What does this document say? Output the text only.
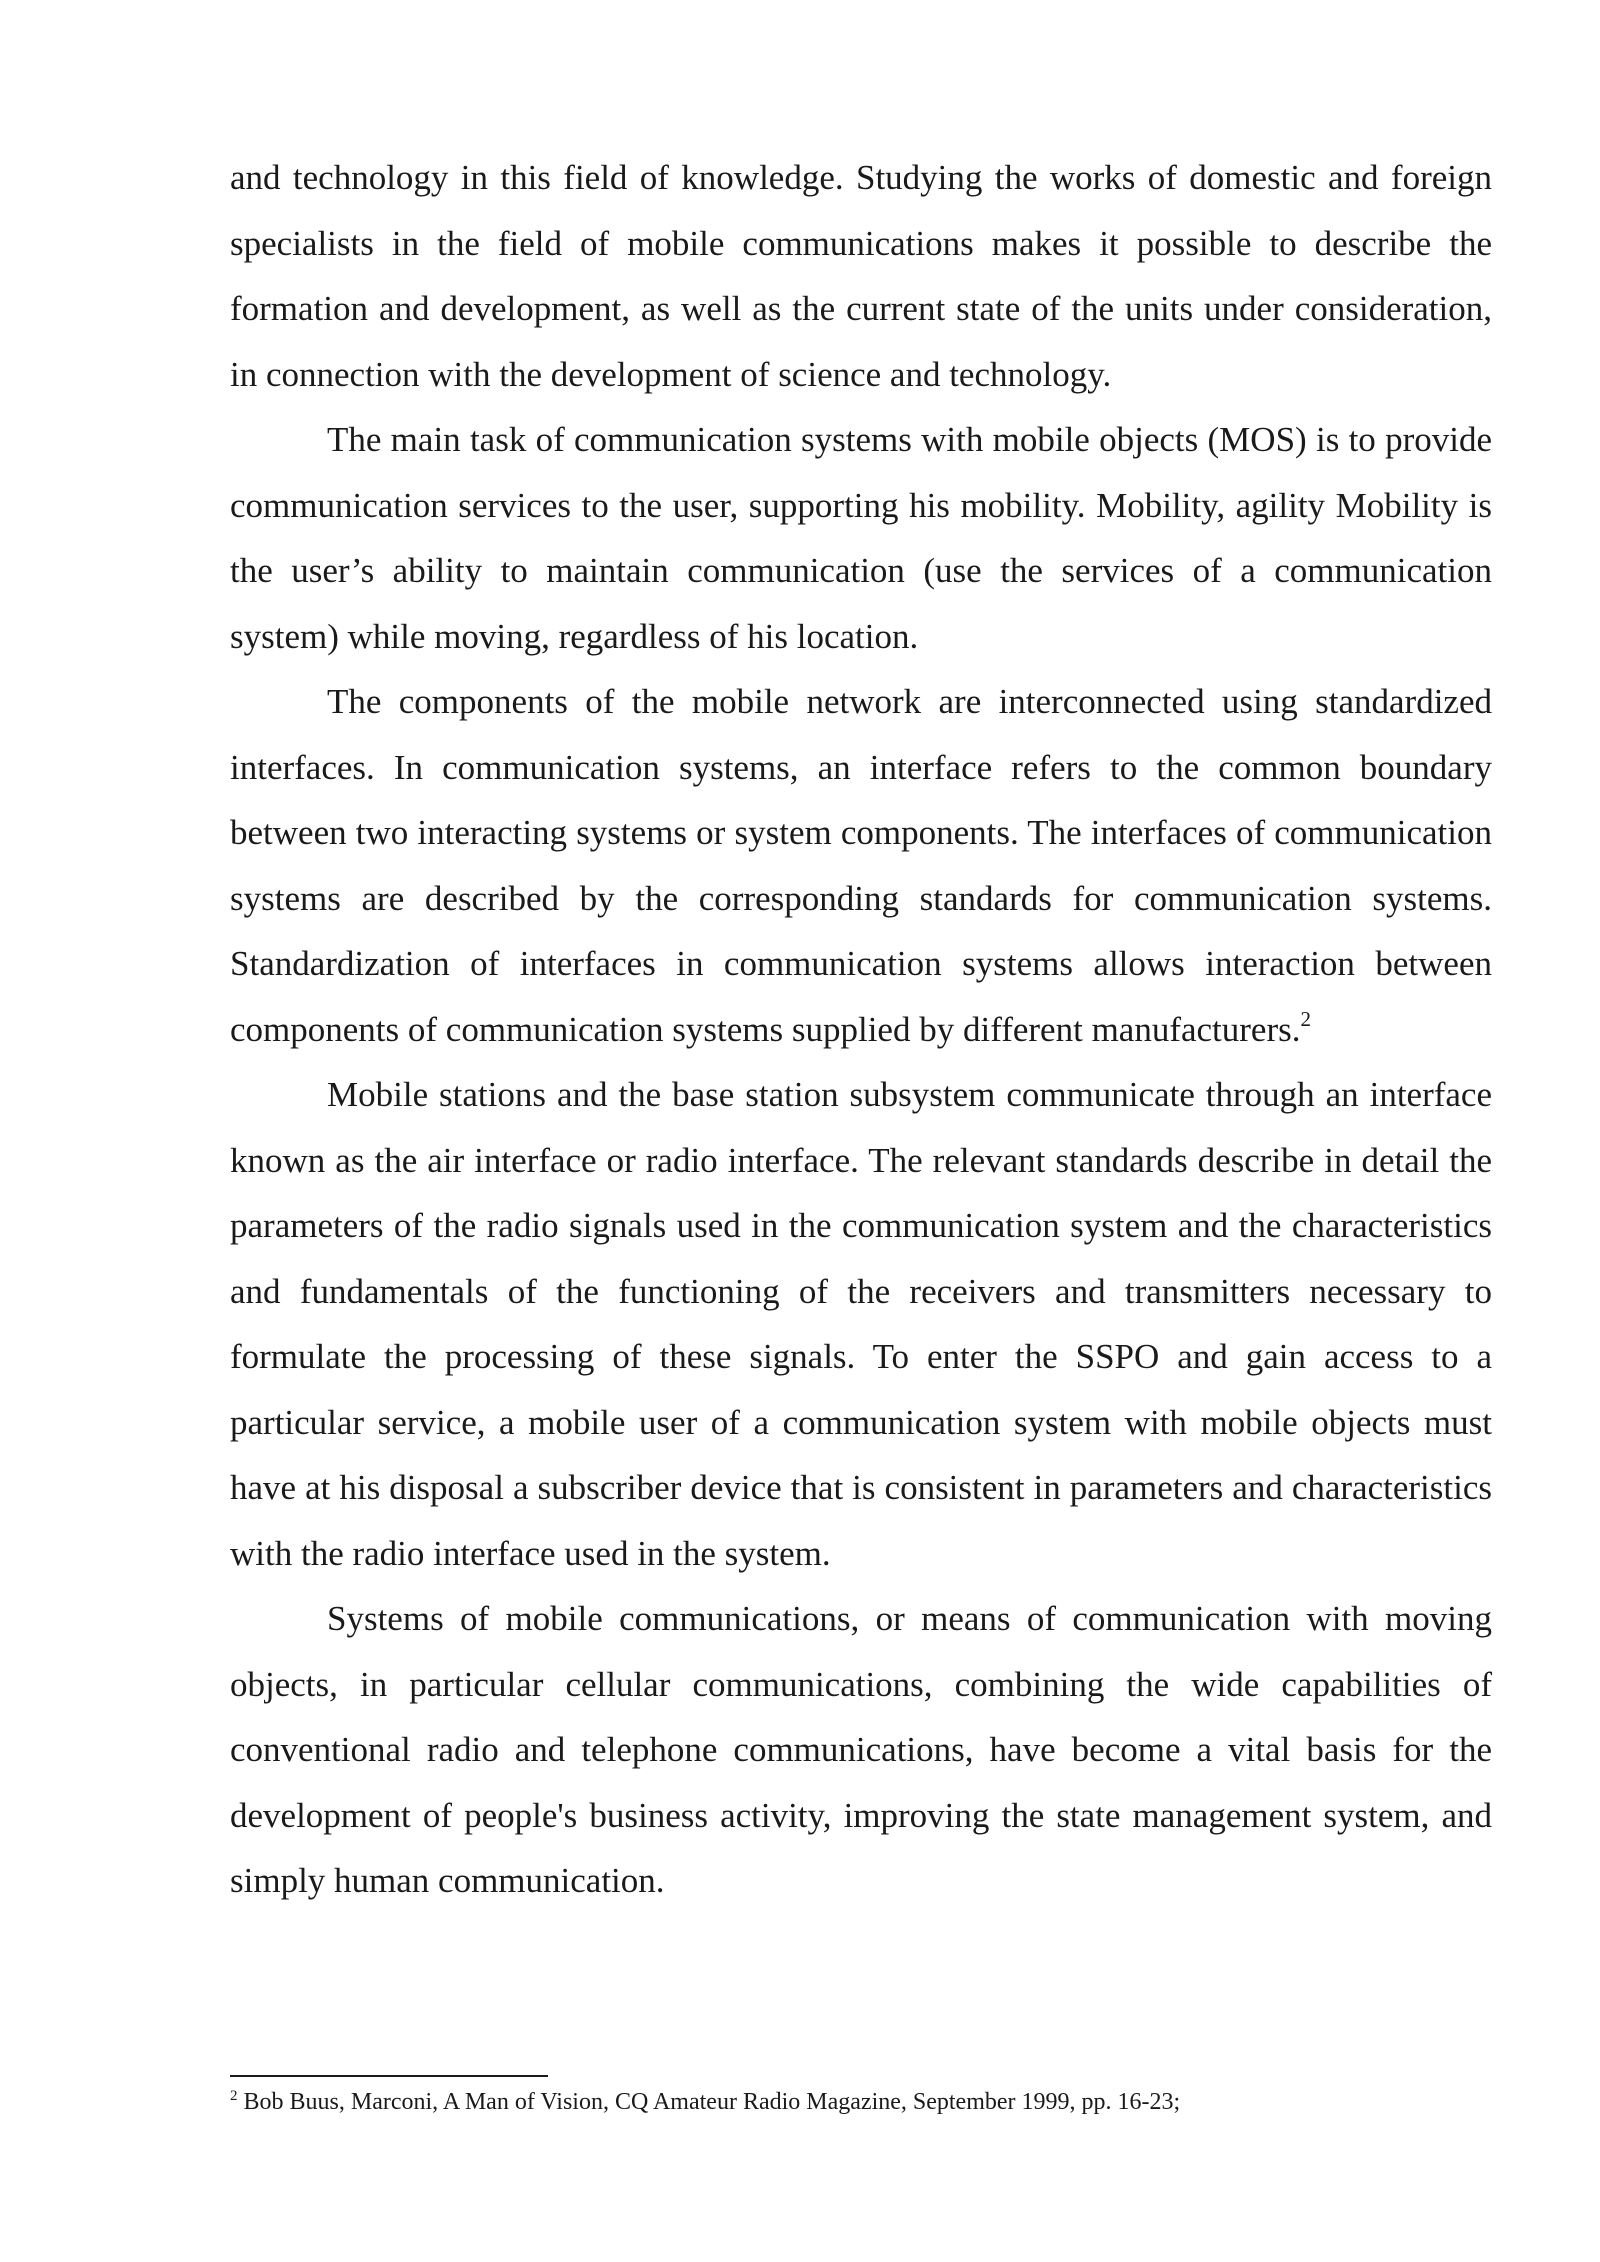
and technology in this field of knowledge. Studying the works of domestic and foreign specialists in the field of mobile communications makes it possible to describe the formation and development, as well as the current state of the units under consideration, in connection with the development of science and technology.

The main task of communication systems with mobile objects (MOS) is to provide communication services to the user, supporting his mobility. Mobility, agility Mobility is the user’s ability to maintain communication (use the services of a communication system) while moving, regardless of his location.

The components of the mobile network are interconnected using standardized interfaces. In communication systems, an interface refers to the common boundary between two interacting systems or system components. The interfaces of communication systems are described by the corresponding standards for communication systems. Standardization of interfaces in communication systems allows interaction between components of communication systems supplied by different manufacturers.$^2$

Mobile stations and the base station subsystem communicate through an interface known as the air interface or radio interface. The relevant standards describe in detail the parameters of the radio signals used in the communication system and the characteristics and fundamentals of the functioning of the receivers and transmitters necessary to formulate the processing of these signals. To enter the SSPO and gain access to a particular service, a mobile user of a communication system with mobile objects must have at his disposal a subscriber device that is consistent in parameters and characteristics with the radio interface used in the system.

Systems of mobile communications, or means of communication with moving objects, in particular cellular communications, combining the wide capabilities of conventional radio and telephone communications, have become a vital basis for the development of people's business activity, improving the state management system, and simply human communication.

$^2$ Bob Buus, Marconi, A Man of Vision, CQ Amateur Radio Magazine, September 1999, pp. 16-23;
